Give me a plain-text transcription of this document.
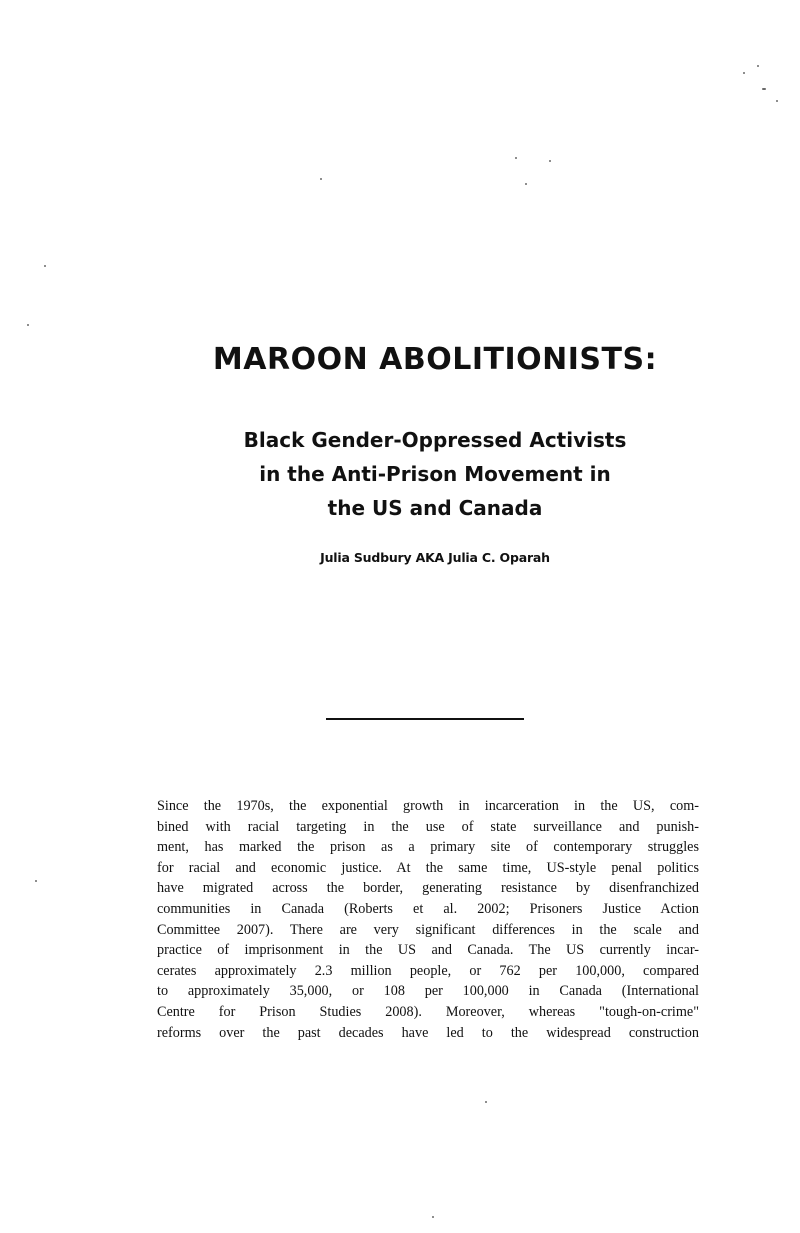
MAROON ABOLITIONISTS:
Black Gender-Oppressed Activists
in the Anti-Prison Movement in
the US and Canada
Julia Sudbury AKA Julia C. Oparah
Since the 1970s, the exponential growth in incarceration in the US, com-
bined with racial targeting in the use of state surveillance and punish-
ment, has marked the prison as a primary site of contemporary struggles
for racial and economic justice. At the same time, US-style penal politics
have migrated across the border, generating resistance by disenfranchized
communities in Canada (Roberts et al. 2002; Prisoners Justice Action
Committee 2007). There are very significant differences in the scale and
practice of imprisonment in the US and Canada. The US currently incar-
cerates approximately 2.3 million people, or 762 per 100,000, compared
to approximately 35,000, or 108 per 100,000 in Canada (International
Centre for Prison Studies 2008). Moreover, whereas "tough-on-crime"
reforms over the past decades have led to the widespread construction
